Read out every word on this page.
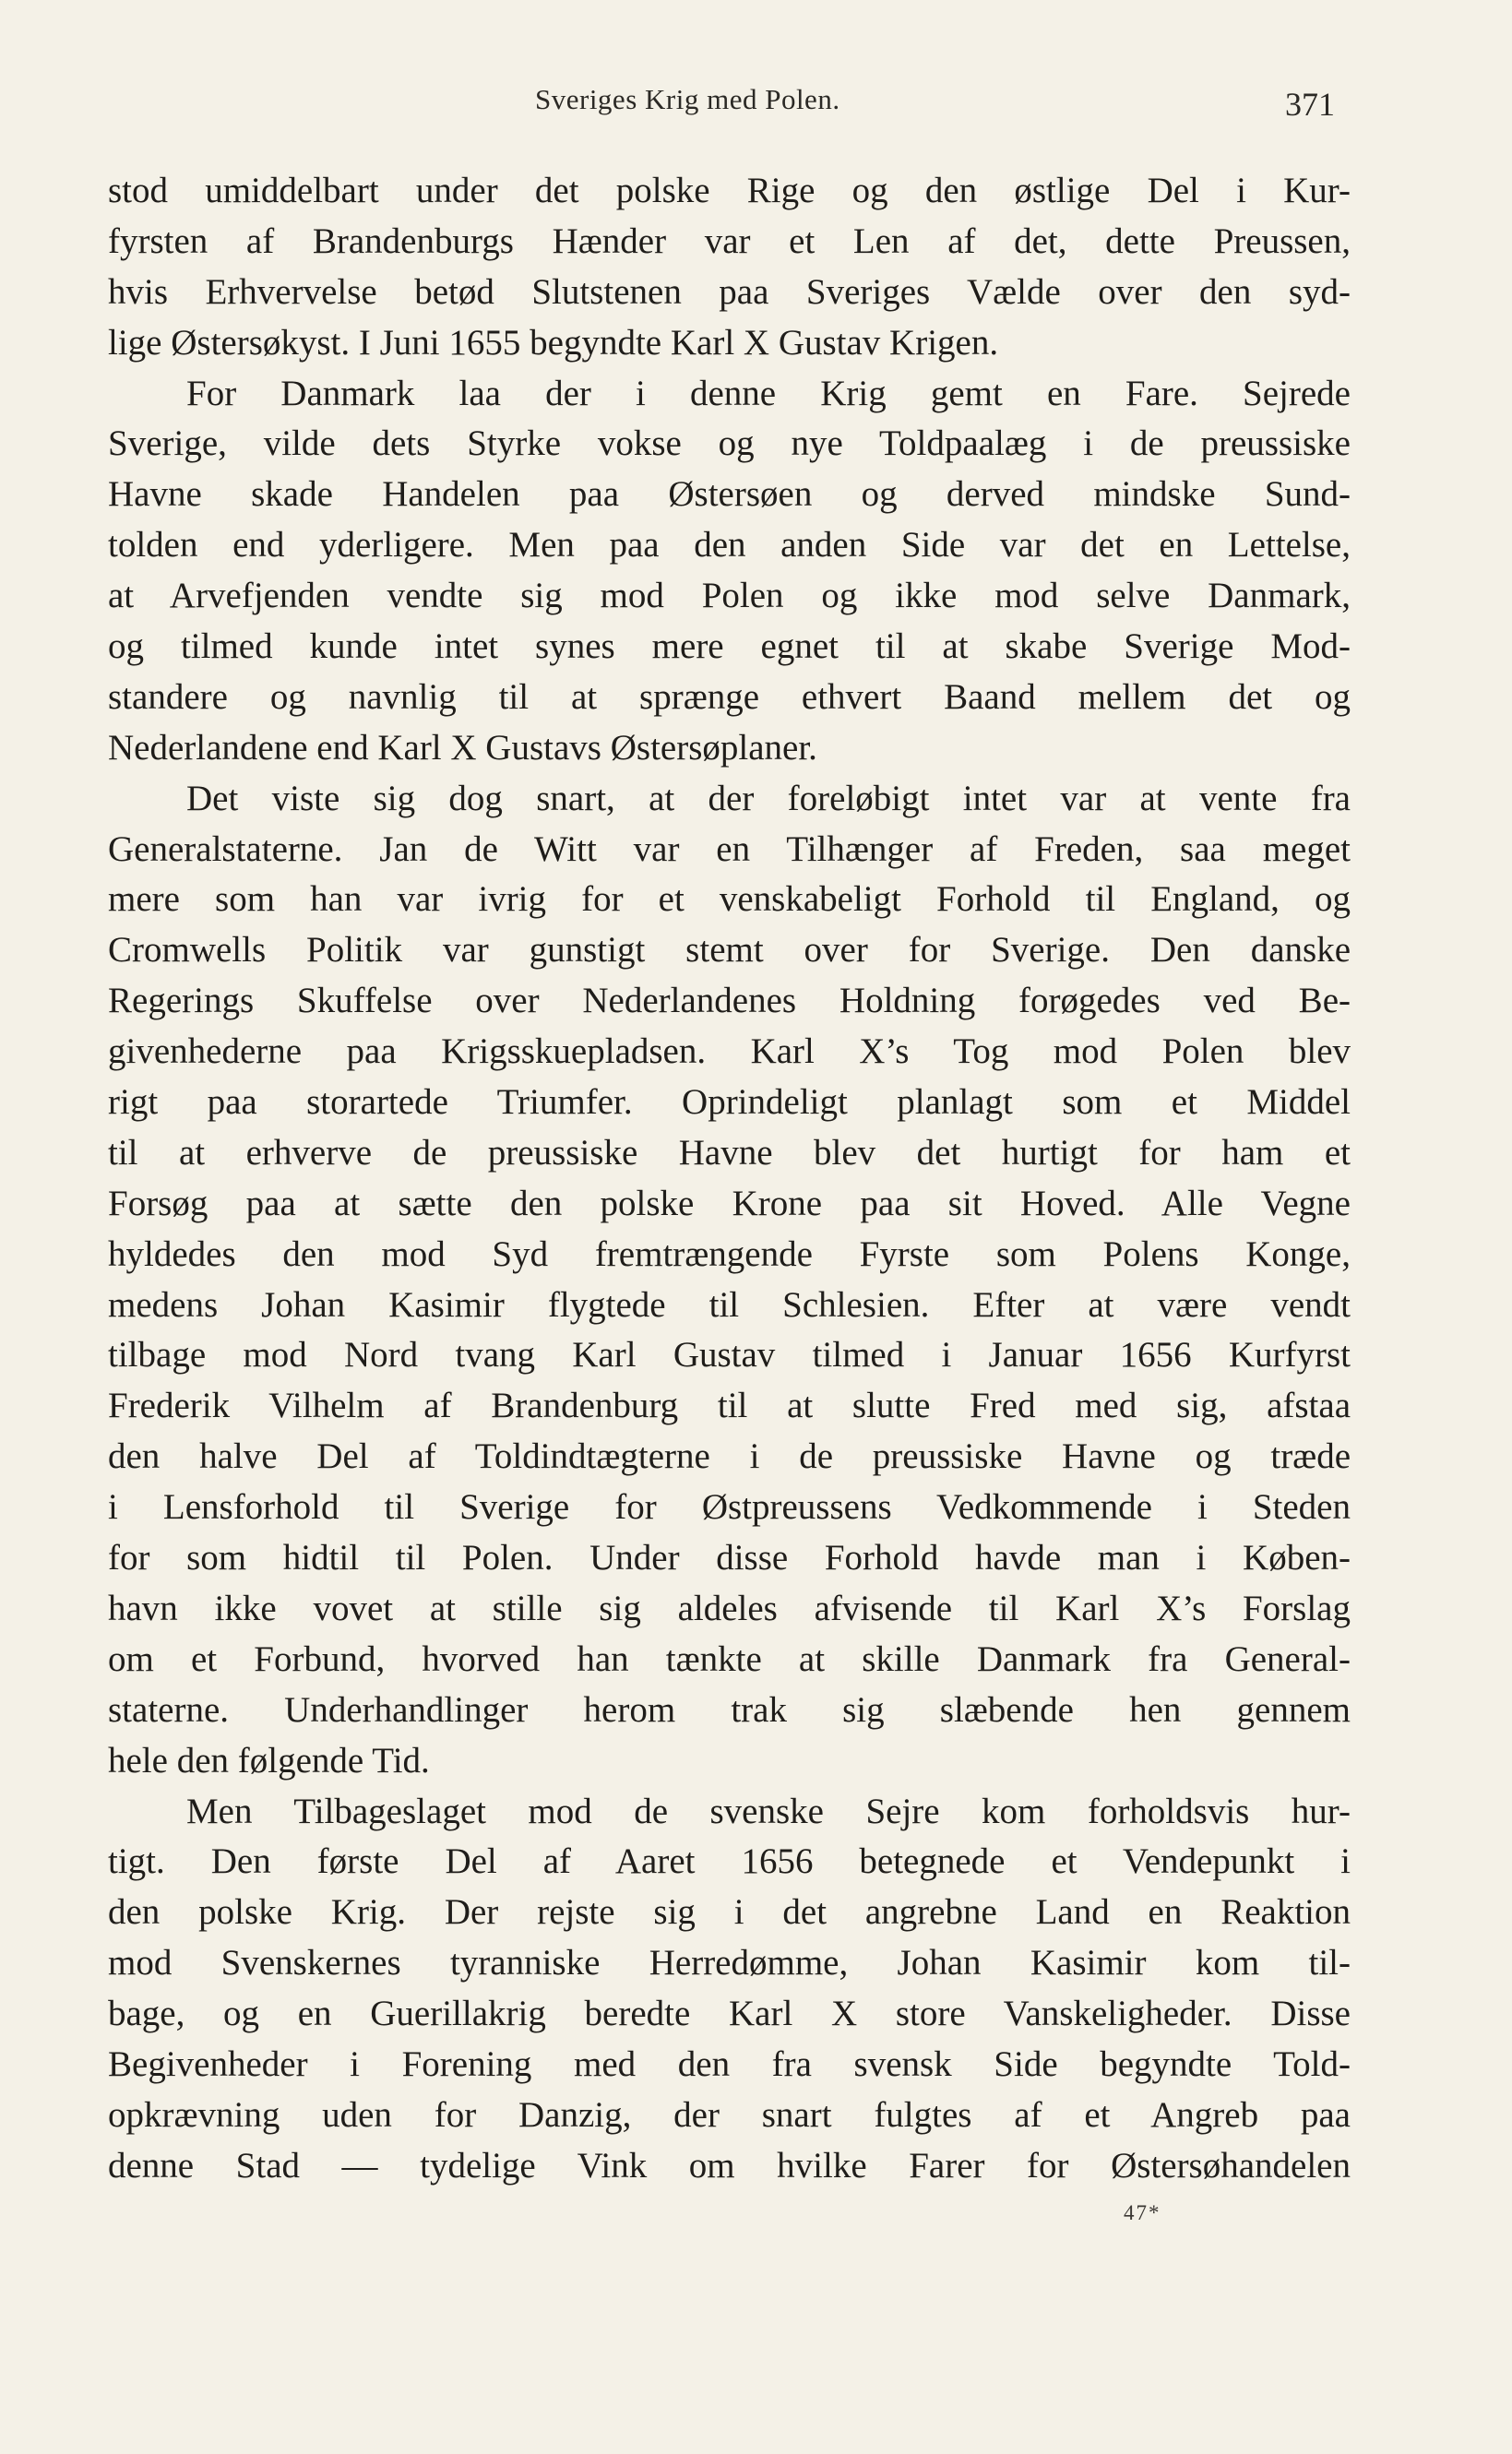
Sveriges Krig med Polen.	371
stod umiddelbart under det polske Rige og den østlige Del i Kur-
fyrsten af Brandenburgs Hænder var et Len af det, dette Preussen,
hvis Erhvervelse betød Slutstenen paa Sveriges Vælde over den syd-
lige Østersøkyst. I Juni 1655 begyndte Karl X Gustav Krigen.
For Danmark laa der i denne Krig gemt en Fare. Sejrede
Sverige, vilde dets Styrke vokse og nye Toldpaalæg i de preussiske
Havne skade Handelen paa Østersøen og derved mindske Sund-
tolden end yderligere. Men paa den anden Side var det en Lettelse,
at Arvefjenden vendte sig mod Polen og ikke mod selve Danmark,
og tilmed kunde intet synes mere egnet til at skabe Sverige Mod-
standere og navnlig til at sprænge ethvert Baand mellem det og
Nederlandene end Karl X Gustavs Østersøplaner.
Det viste sig dog snart, at der foreløbigt intet var at vente fra
Generalstaterne. Jan de Witt var en Tilhænger af Freden, saa meget
mere som han var ivrig for et venskabeligt Forhold til England, og
Cromwells Politik var gunstigt stemt over for Sverige. Den danske
Regerings Skuffelse over Nederlandenes Holdning forøgedes ved Be-
givenhederne paa Krigsskuepladsen. Karl X’s Tog mod Polen blev
rigt paa storartede Triumfer. Oprindeligt planlagt som et Middel
til at erhverve de preussiske Havne blev det hurtigt for ham et
Forsøg paa at sætte den polske Krone paa sit Hoved. Alle Vegne
hyldedes den mod Syd fremtrængende Fyrste som Polens Konge,
medens Johan Kasimir flygtede til Schlesien. Efter at være vendt
tilbage mod Nord tvang Karl Gustav tilmed i Januar 1656 Kurfyrst
Frederik Vilhelm af Brandenburg til at slutte Fred med sig, afstaa
den halve Del af Toldindtægterne i de preussiske Havne og træde
i Lensforhold til Sverige for Østpreussens Vedkommende i Steden
for som hidtil til Polen. Under disse Forhold havde man i Køben-
havn ikke vovet at stille sig aldeles afvisende til Karl X’s Forslag
om et Forbund, hvorved han tænkte at skille Danmark fra General-
staterne. Underhandlinger herom trak sig slæbende hen gennem
hele den følgende Tid.
Men Tilbageslaget mod de svenske Sejre kom forholdsvis hur-
tigt. Den første Del af Aaret 1656 betegnede et Vendepunkt i
den polske Krig. Der rejste sig i det angrebne Land en Reaktion
mod Svenskernes tyranniske Herredømme, Johan Kasimir kom til-
bage, og en Guerillakrig beredte Karl X store Vanskeligheder. Disse
Begivenheder i Forening med den fra svensk Side begyndte Told-
opkrævning uden for Danzig, der snart fulgtes af et Angreb paa
denne Stad — tydelige Vink om hvilke Farer for Østersøhandelen
47*
